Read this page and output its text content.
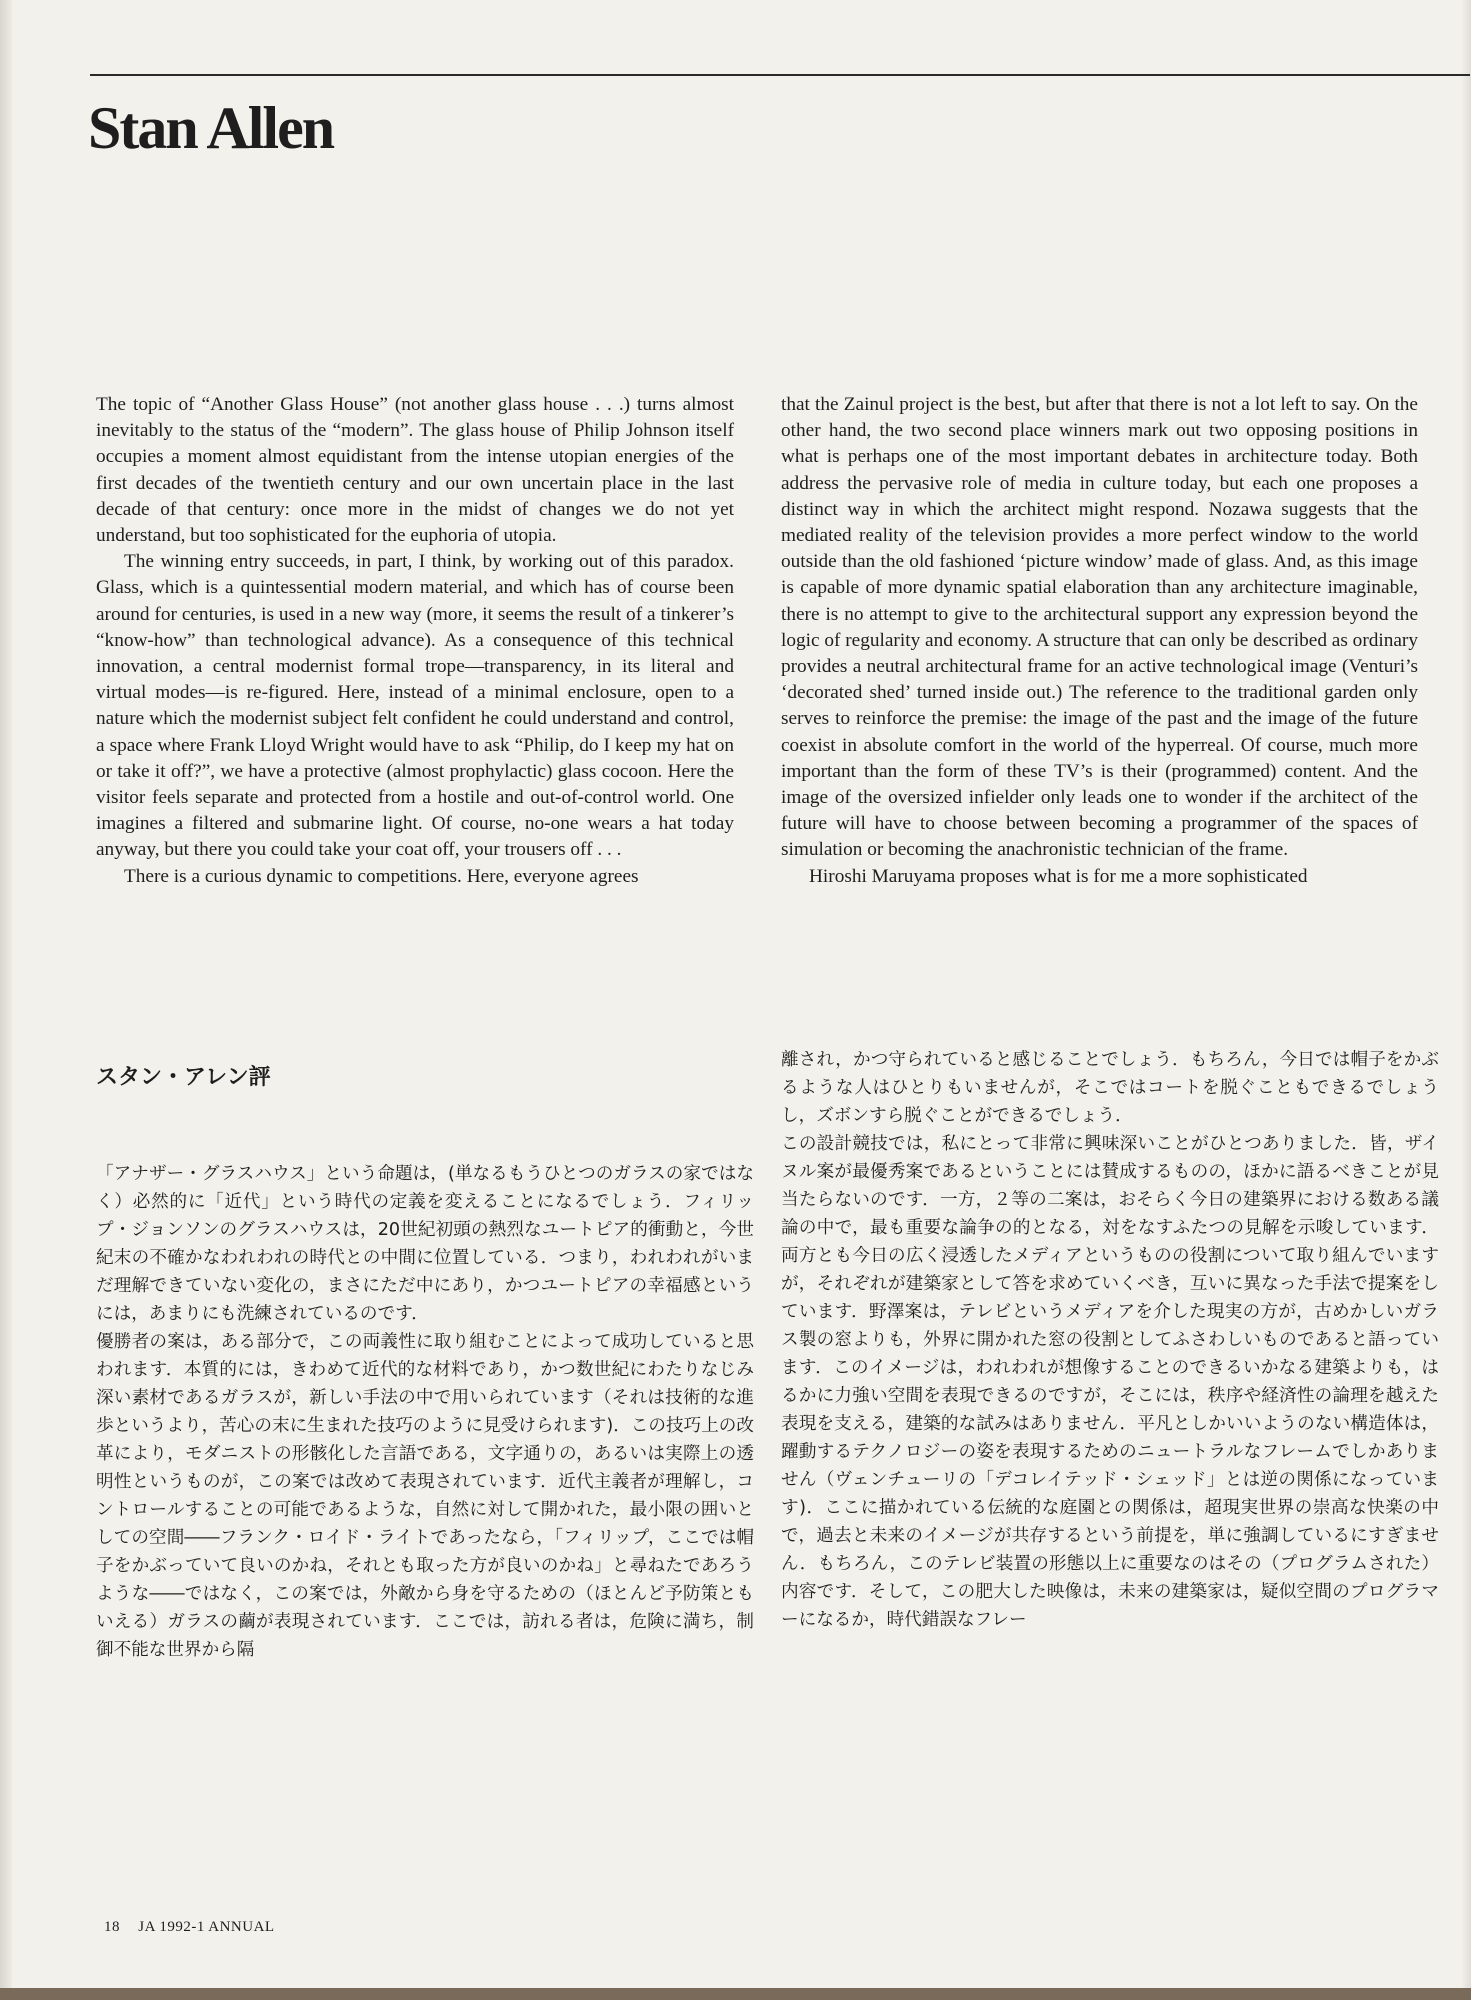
Stan Allen

The topic of “Another Glass House” (not another glass house . . .) turns almost inevitably to the status of the “modern”. The glass house of Philip Johnson itself occupies a moment almost equidistant from the intense utopian energies of the first decades of the twentieth century and our own uncertain place in the last decade of that century: once more in the midst of changes we do not yet understand, but too sophisticated for the euphoria of utopia.

The winning entry succeeds, in part, I think, by working out of this paradox. Glass, which is a quintessential modern material, and which has of course been around for centuries, is used in a new way (more, it seems the result of a tinkerer’s “know-how” than technological advance). As a consequence of this technical innovation, a central modernist formal trope—transparency, in its literal and virtual modes—is re-figured. Here, instead of a minimal enclosure, open to a nature which the modernist subject felt confident he could understand and control, a space where Frank Lloyd Wright would have to ask “Philip, do I keep my hat on or take it off?”, we have a protective (almost prophylactic) glass cocoon. Here the visitor feels separate and protected from a hostile and out-of-control world. One imagines a filtered and submarine light. Of course, no-one wears a hat today anyway, but there you could take your coat off, your trousers off . . .

There is a curious dynamic to competitions. Here, everyone agrees

that the Zainul project is the best, but after that there is not a lot left to say. On the other hand, the two second place winners mark out two opposing positions in what is perhaps one of the most important debates in architecture today. Both address the pervasive role of media in culture today, but each one proposes a distinct way in which the architect might respond. Nozawa suggests that the mediated reality of the television provides a more perfect window to the world outside than the old fashioned ‘picture window’ made of glass. And, as this image is capable of more dynamic spatial elaboration than any architecture imaginable, there is no attempt to give to the architectural support any expression beyond the logic of regularity and economy. A structure that can only be described as ordinary provides a neutral architectural frame for an active technological image (Venturi’s ‘decorated shed’ turned inside out.) The reference to the traditional garden only serves to reinforce the premise: the image of the past and the image of the future coexist in absolute comfort in the world of the hyperreal. Of course, much more important than the form of these TV’s is their (programmed) content. And the image of the oversized infielder only leads one to wonder if the architect of the future will have to choose between becoming a programmer of the spaces of simulation or becoming the anachronistic technician of the frame.

Hiroshi Maruyama proposes what is for me a more sophisticated

スタン・アレン評

「アナザー・グラスハウス」という命題は，(単なるもうひとつのガラスの家ではなく）必然的に「近代」という時代の定義を変えることになるでしょう．フィリップ・ジョンソンのグラスハウスは，20世紀初頭の熱烈なユートピア的衝動と，今世紀末の不確かなわれわれの時代との中間に位置している．つまり，われわれがいまだ理解できていない変化の，まさにただ中にあり，かつユートピアの幸福感というには，あまりにも洗練されているのです．

優勝者の案は，ある部分で，この両義性に取り組むことによって成功していると思われます．本質的には，きわめて近代的な材料であり，かつ数世紀にわたりなじみ深い素材であるガラスが，新しい手法の中で用いられています（それは技術的な進歩というより，苦心の末に生まれた技巧のように見受けられます)．この技巧上の改革により，モダニストの形骸化した言語である，文字通りの，あるいは実際上の透明性というものが，この案では改めて表現されています．近代主義者が理解し，コントロールすることの可能であるような，自然に対して開かれた，最小限の囲いとしての空間――フランク・ロイド・ライトであったなら，「フィリップ，ここでは帽子をかぶっていて良いのかね，それとも取った方が良いのかね」と尋ねたであろうような――ではなく，この案では，外敵から身を守るための（ほとんど予防策ともいえる）ガラスの繭が表現されています．ここでは，訪れる者は，危険に満ち，制御不能な世界から隔

離され，かつ守られていると感じることでしょう．もちろん，今日では帽子をかぶるような人はひとりもいませんが，そこではコートを脱ぐこともできるでしょうし，ズボンすら脱ぐことができるでしょう．

この設計競技では，私にとって非常に興味深いことがひとつありました．皆，ザイヌル案が最優秀案であるということには賛成するものの，ほかに語るべきことが見当たらないのです．一方，２等の二案は，おそらく今日の建築界における数ある議論の中で，最も重要な論争の的となる，対をなすふたつの見解を示唆しています．両方とも今日の広く浸透したメディアというものの役割について取り組んでいますが，それぞれが建築家として答を求めていくべき，互いに異なった手法で提案をしています．野澤案は，テレビというメディアを介した現実の方が，古めかしいガラス製の窓よりも，外界に開かれた窓の役割としてふさわしいものであると語っています．このイメージは，われわれが想像することのできるいかなる建築よりも，はるかに力強い空間を表現できるのですが，そこには，秩序や経済性の論理を越えた表現を支える，建築的な試みはありません．平凡としかいいようのない構造体は，躍動するテクノロジーの姿を表現するためのニュートラルなフレームでしかありません（ヴェンチューリの「デコレイテッド・シェッド」とは逆の関係になっています)．ここに描かれている伝統的な庭園との関係は，超現実世界の崇高な快楽の中で，過去と未来のイメージが共存するという前提を，単に強調しているにすぎません．もちろん，このテレビ装置の形態以上に重要なのはその（プログラムされた）内容です．そして，この肥大した映像は，未来の建築家は，疑似空間のプログラマーになるか，時代錯誤なフレー

18 JA 1992-1 ANNUAL
